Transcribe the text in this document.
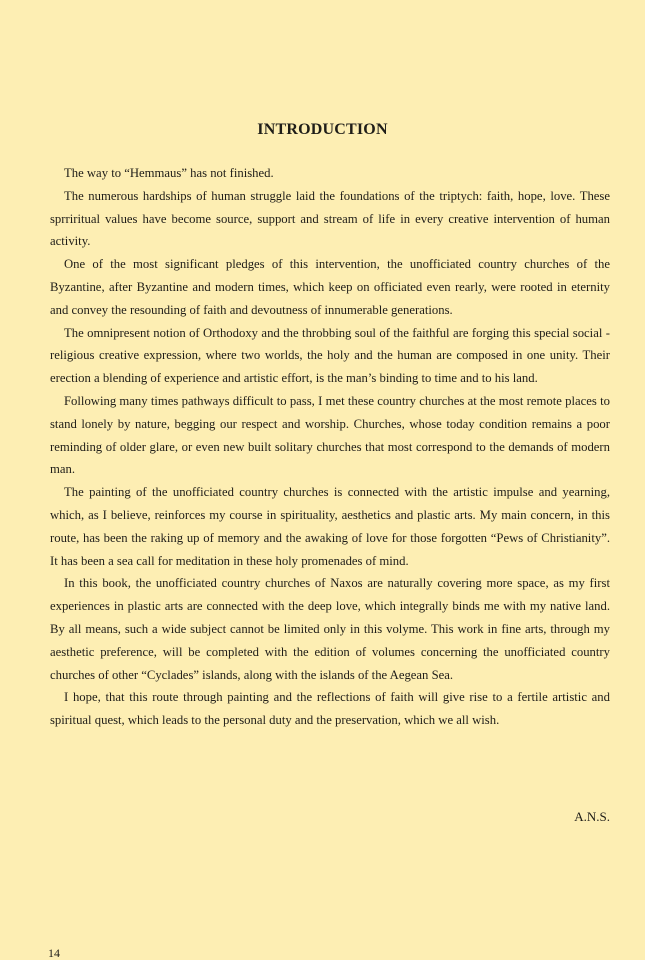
INTRODUCTION

The way to “Hemmaus” has not finished.

The numerous hardships of human struggle laid the foundations of the triptych: faith, hope, love. These sprriritual values have become source, support and stream of life in every creative intervention of human activity.

One of the most significant pledges of this intervention, the unofficiated country churches of the Byzantine, after Byzantine and modern times, which keep on officiated even rearly, were rooted in eternity and convey the resounding of faith and devoutness of innumerable generations.

The omnipresent notion of Orthodoxy and the throbbing soul of the faithful are forging this special social - religious creative expression, where two worlds, the holy and the human are composed in one unity. Their erection a blending of experience and artistic effort, is the man’s binding to time and to his land.

Following many times pathways difficult to pass, I met these country churches at the most remote places to stand lonely by nature, begging our respect and worship. Churches, whose today condition remains a poor reminding of older glare, or even new built solitary churches that most correspond to the demands of modern man.

The painting of the unofficiated country churches is connected with the artistic impulse and yearning, which, as I believe, reinforces my course in spirituality, aesthetics and plastic arts. My main concern, in this route, has been the raking up of memory and the awaking of love for those forgotten “Pews of Christianity”. It has been a sea call for meditation in these holy promenades of mind.

In this book, the unofficiated country churches of Naxos are naturally covering more space, as my first experiences in plastic arts are connected with the deep love, which integrally binds me with my native land. By all means, such a wide subject cannot be limited only in this volyme. This work in fine arts, through my aesthetic preference, will be completed with the edition of volumes concerning the unofficiated country churches of other “Cyclades” islands, along with the islands of the Aegean Sea.

I hope, that this route through painting and the reflections of faith will give rise to a fertile artistic and spiritual quest, which leads to the personal duty and the preservation, which we all wish.

A.N.S.
14
